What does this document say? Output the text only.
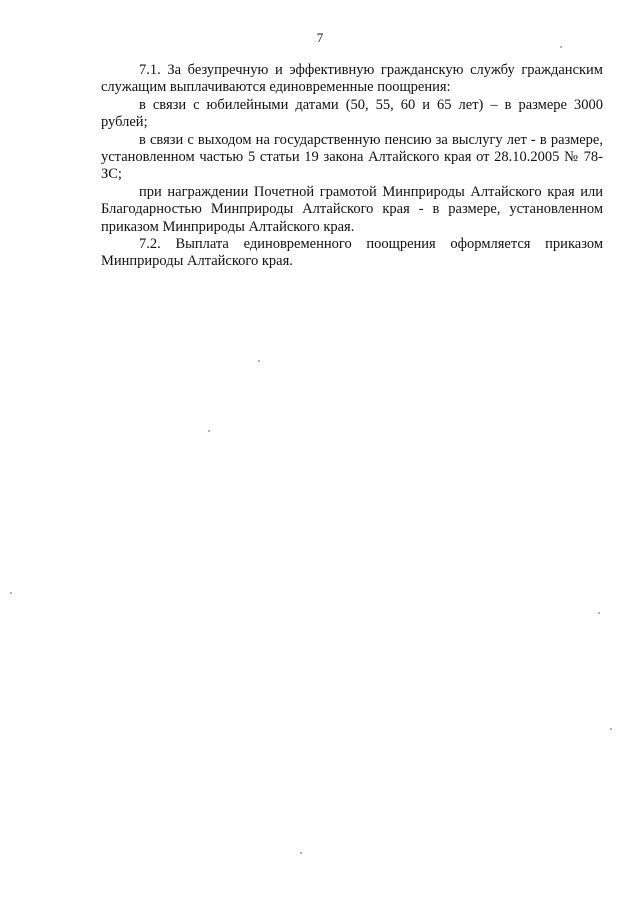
7

7.1. За безупречную и эффективную гражданскую службу гражданским служащим выплачиваются единовременные поощрения:

в связи с юбилейными датами (50, 55, 60 и 65 лет) – в размере 3000 рублей;

в связи с выходом на государственную пенсию за выслугу лет - в размере, установленном частью 5 статьи 19 закона Алтайского края от 28.10.2005 № 78-ЗС;

при награждении Почетной грамотой Минприроды Алтайского края или Благодарностью Минприроды Алтайского края - в размере, установленном приказом Минприроды Алтайского края.

7.2. Выплата единовременного поощрения оформляется приказом Минприроды Алтайского края.
